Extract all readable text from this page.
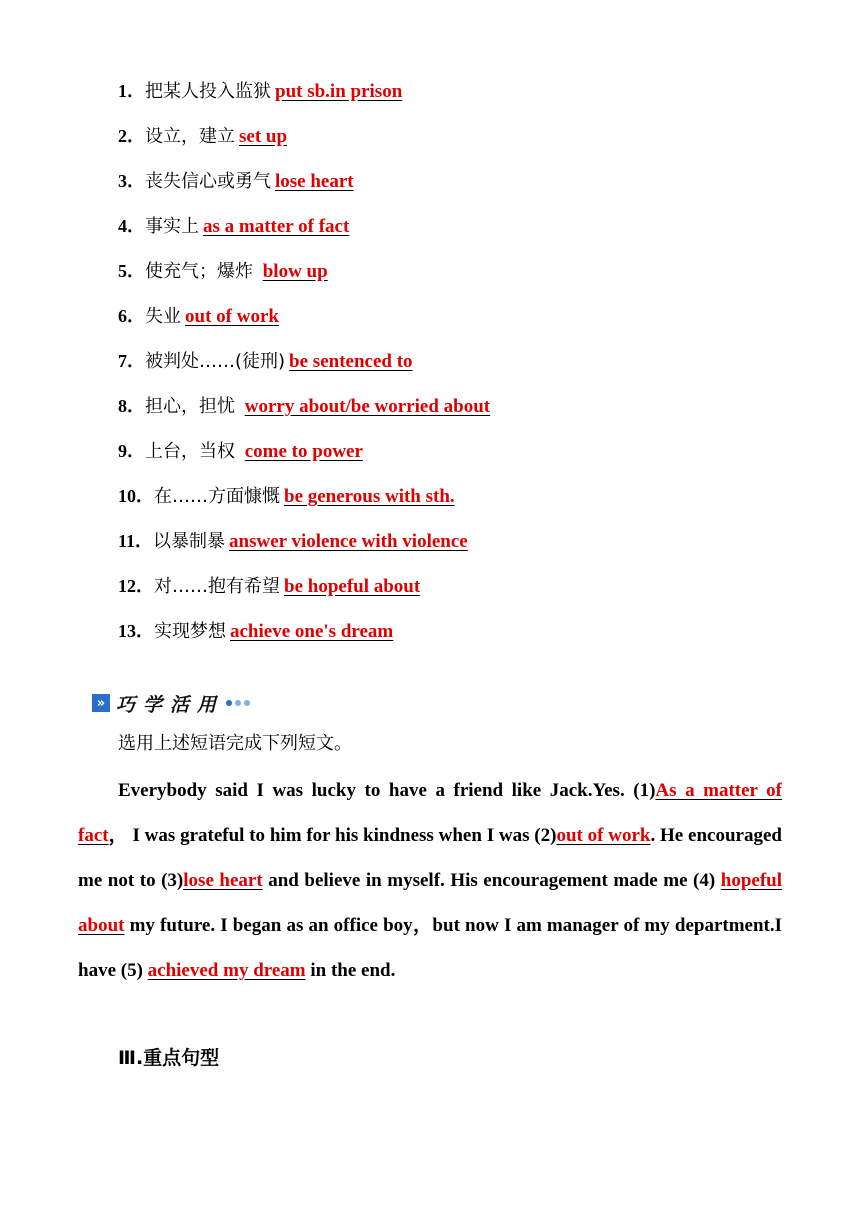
1．把某人投入监狱 put sb.in prison
2．设立，建立 set up
3．丧失信心或勇气 lose heart
4．事实上 as a matter of fact
5．使充气；爆炸 blow up
6．失业 out of work
7．被判处……(徒刑) be sentenced to
8．担心，担忧 worry about/be worried about
9．上台，当权 come to power
10．在……方面慷慨 be generous with sth.
11．以暴制暴 answer violence with violence
12．对……抱有希望 be hopeful about
13．实现梦想 achieve one's dream
» 巧学活用
选用上述短语完成下列短文。
Everybody said I was lucky to have a friend like Jack.Yes. (1)As a matter of fact， I was grateful to him for his kindness when I was (2)out of work. He encouraged me not to (3)lose heart and believe in myself. His encouragement made me (4) hopeful about my future. I began as an office boy，but now I am manager of my department.I have (5) achieved my dream in the end.
Ⅲ.重点句型
